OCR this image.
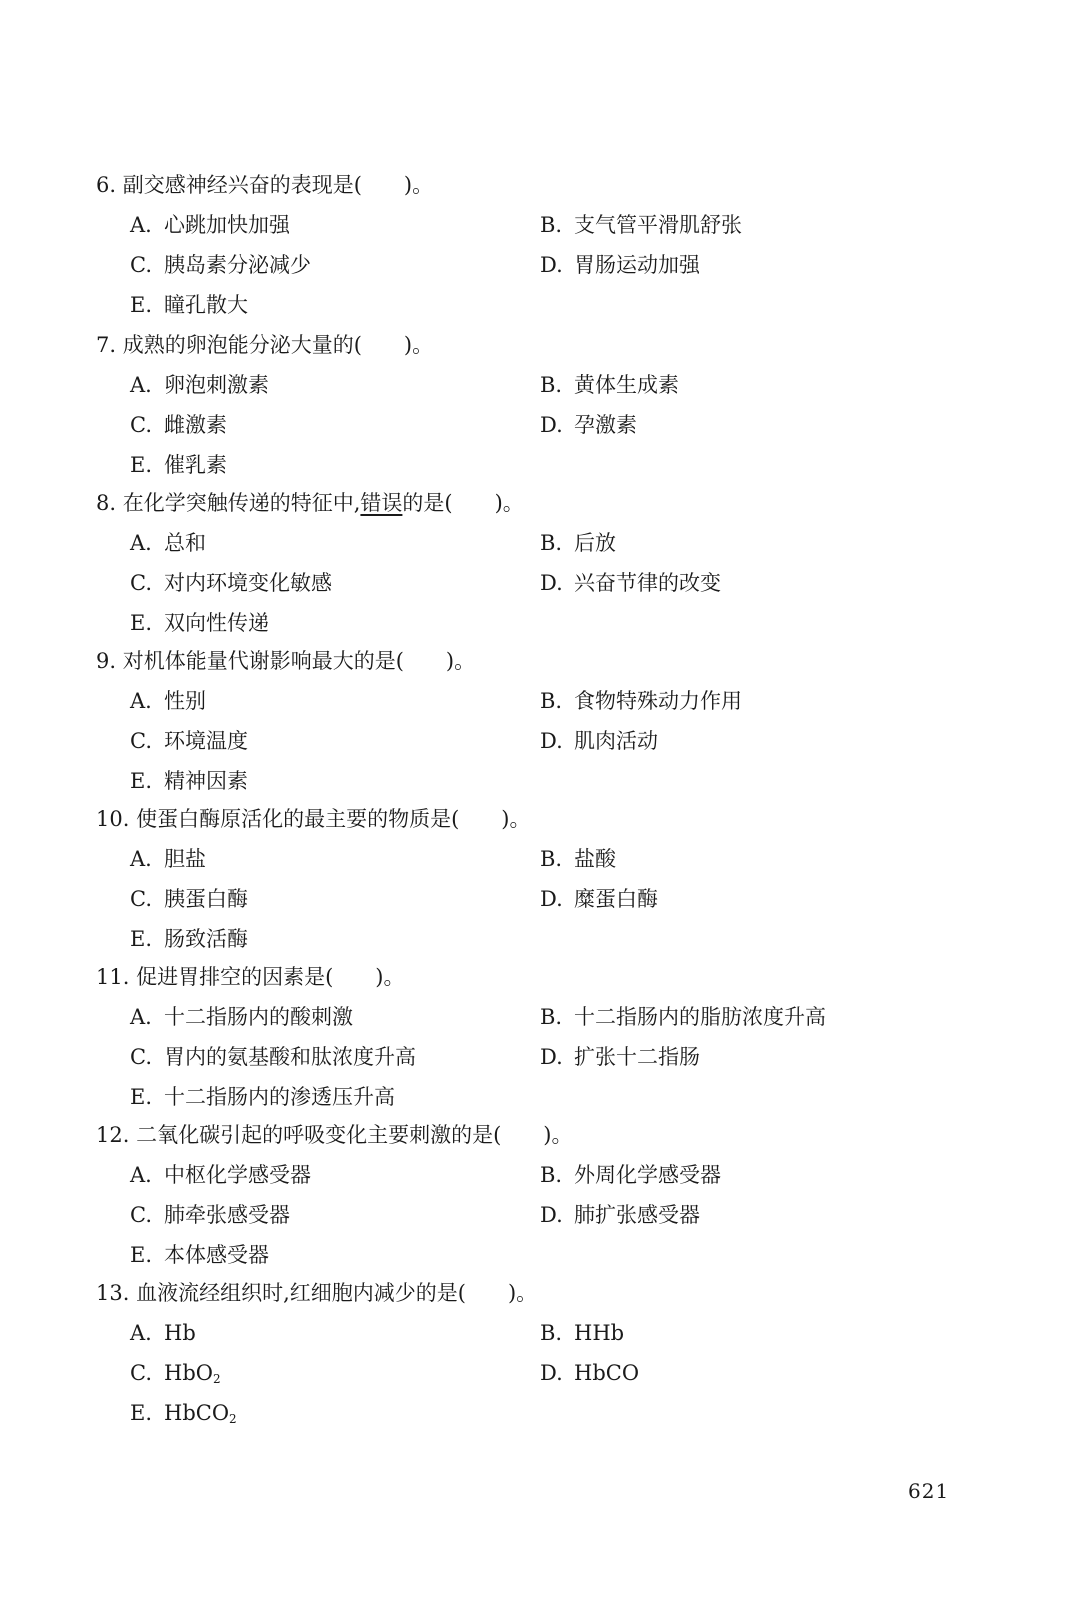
6. 副交感神经兴奋的表现是(　　)。
A. 心跳加快加强	B. 支气管平滑肌舒张
C. 胰岛素分泌减少	D. 胃肠运动加强
E. 瞳孔散大
7. 成熟的卵泡能分泌大量的(　　)。
A. 卵泡刺激素	B. 黄体生成素
C. 雌激素	D. 孕激素
E. 催乳素
8. 在化学突触传递的特征中,错误的是(　　)。
A. 总和	B. 后放
C. 对内环境变化敏感	D. 兴奋节律的改变
E. 双向性传递
9. 对机体能量代谢影响最大的是(　　)。
A. 性别	B. 食物特殊动力作用
C. 环境温度	D. 肌肉活动
E. 精神因素
10. 使蛋白酶原活化的最主要的物质是(　　)。
A. 胆盐	B. 盐酸
C. 胰蛋白酶	D. 糜蛋白酶
E. 肠致活酶
11. 促进胃排空的因素是(　　)。
A. 十二指肠内的酸刺激	B. 十二指肠内的脂肪浓度升高
C. 胃内的氨基酸和肽浓度升高	D. 扩张十二指肠
E. 十二指肠内的渗透压升高
12. 二氧化碳引起的呼吸变化主要刺激的是(　　)。
A. 中枢化学感受器	B. 外周化学感受器
C. 肺牵张感受器	D. 肺扩张感受器
E. 本体感受器
13. 血液流经组织时,红细胞内减少的是(　　)。
A. Hb	B. HHb
C. HbO$_2$	D. HbCO
E. HbCO$_2$
621
